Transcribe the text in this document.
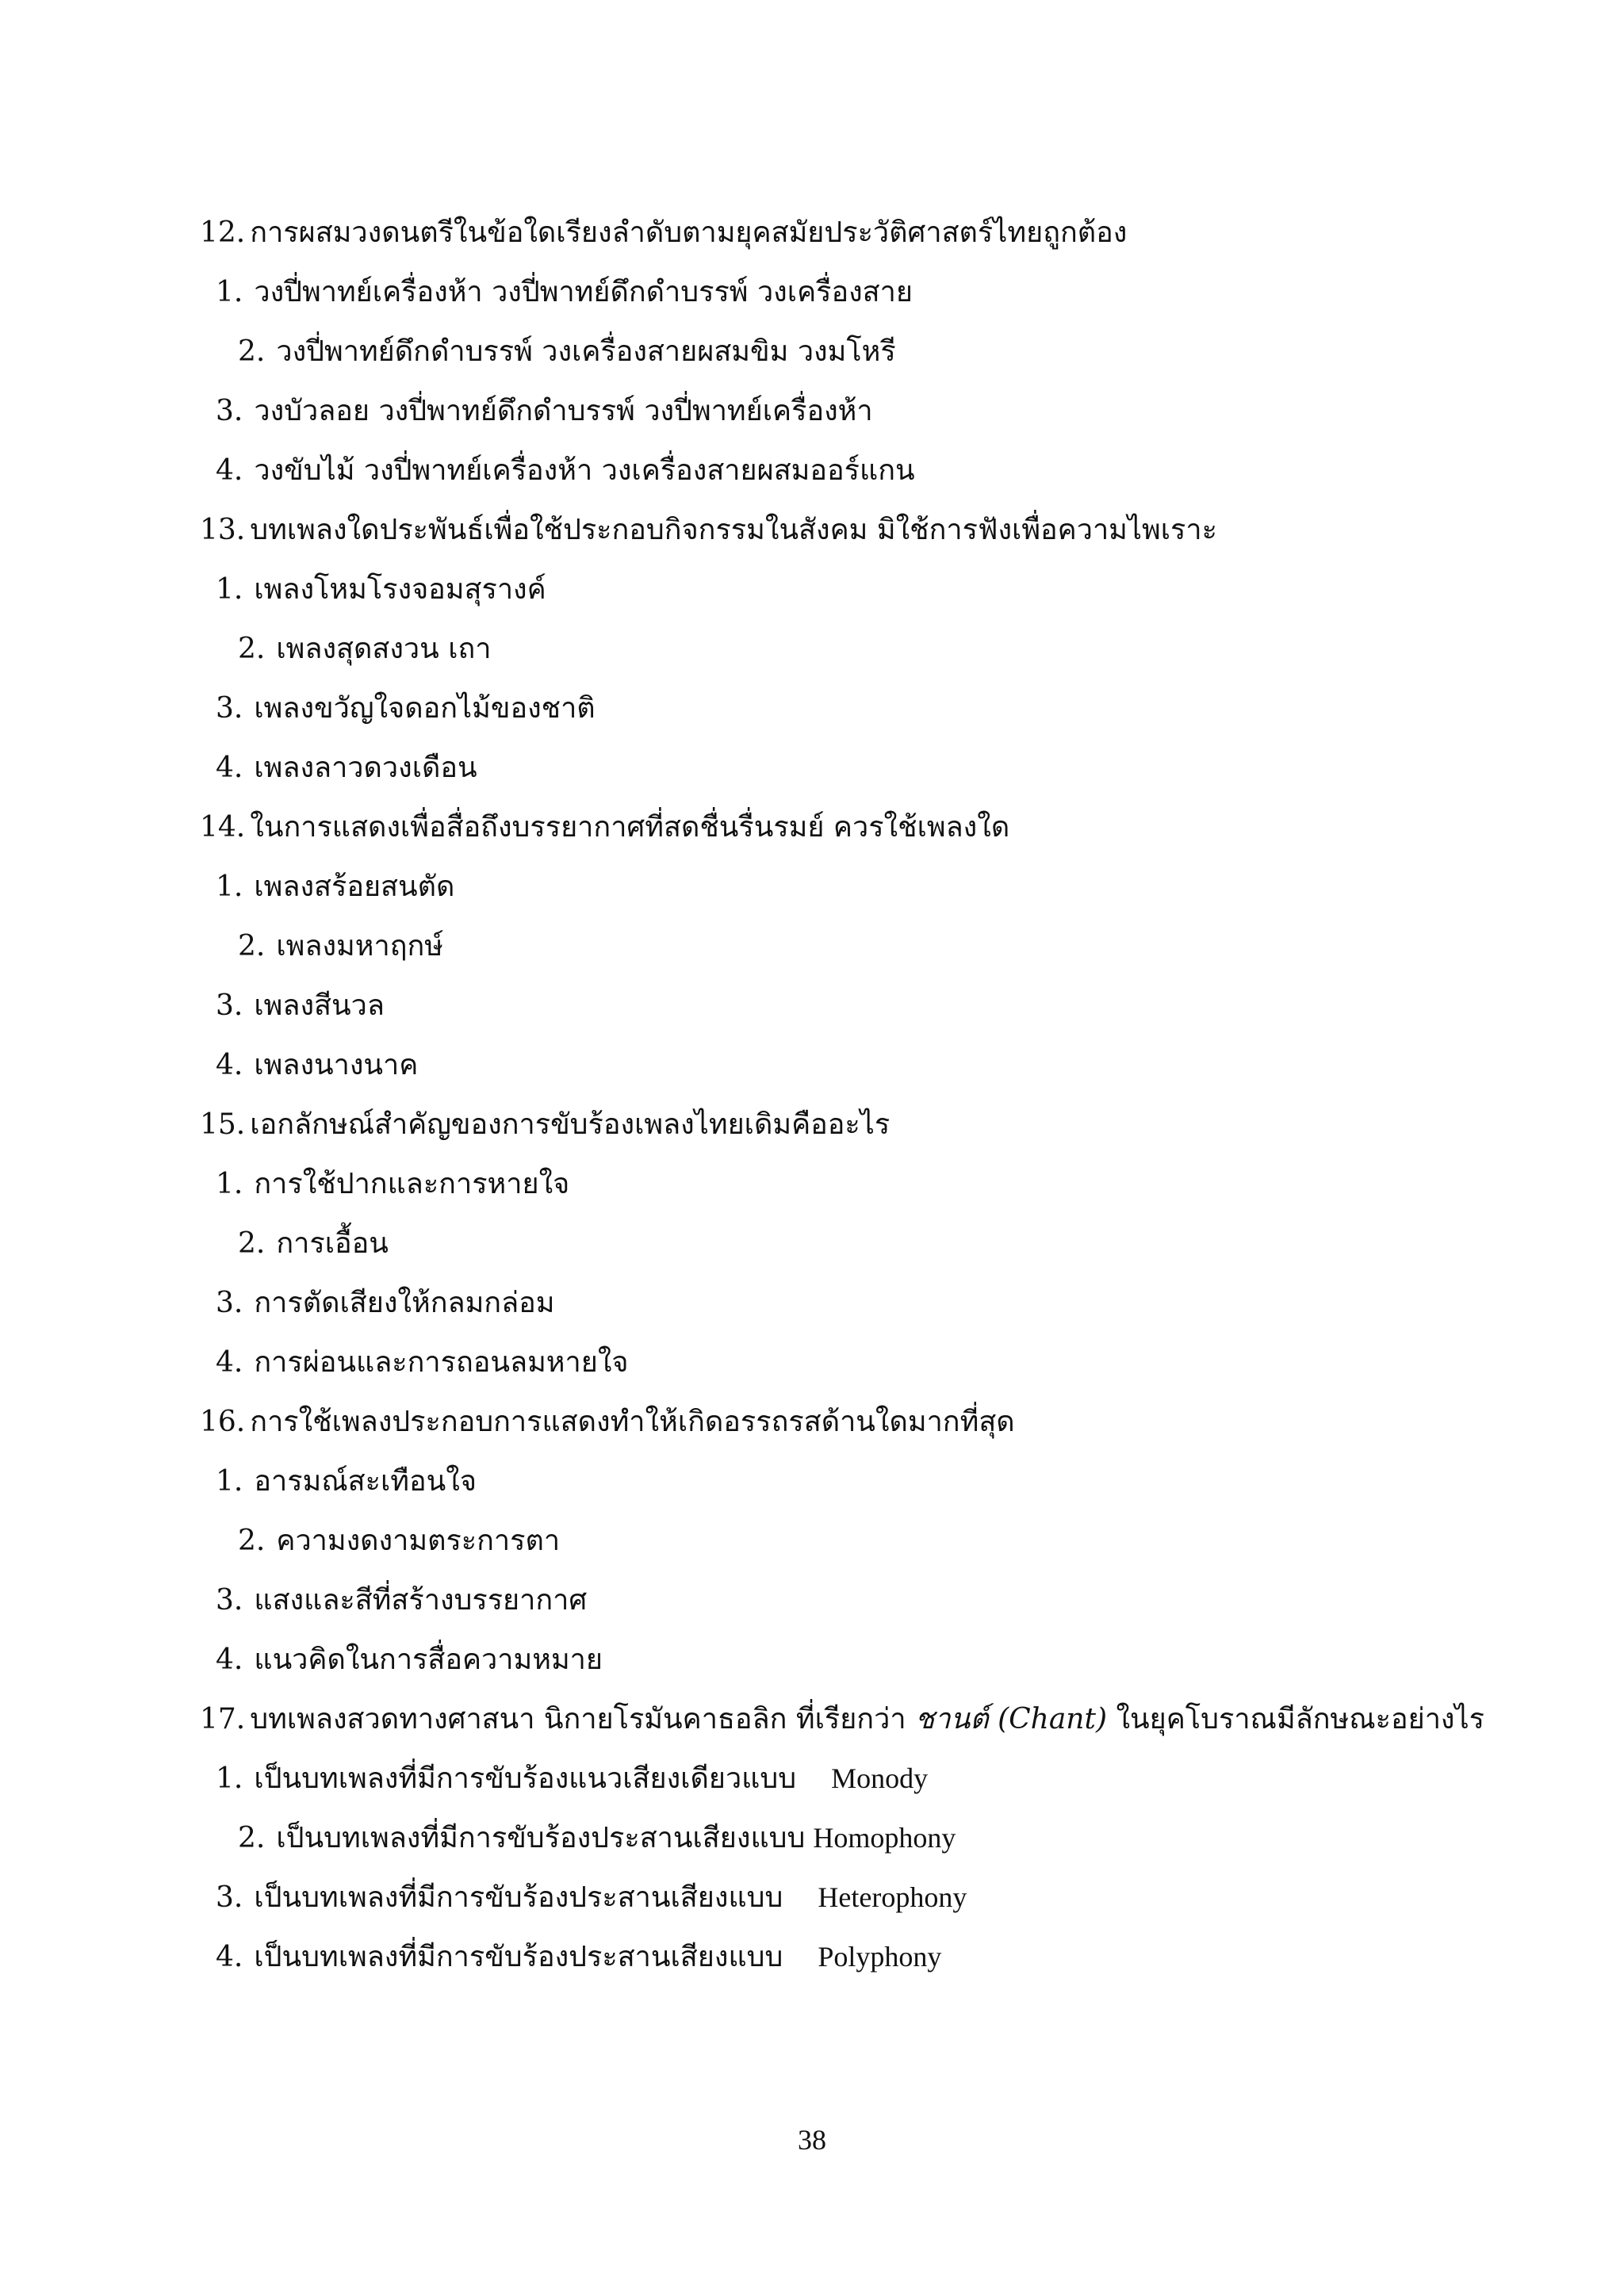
12. การผสมวงดนตรีในข้อใดเรียงลำดับตามยุคสมัยประวัติศาสตร์ไทยถูกต้อง
1. วงปี่พาทย์เครื่องห้า วงปี่พาทย์ดึกดำบรรพ์ วงเครื่องสาย
2. วงปี่พาทย์ดึกดำบรรพ์ วงเครื่องสายผสมขิม วงมโหรี
3. วงบัวลอย วงปี่พาทย์ดึกดำบรรพ์ วงปี่พาทย์เครื่องห้า
4. วงขับไม้ วงปี่พาทย์เครื่องห้า วงเครื่องสายผสมออร์แกน
13. บทเพลงใดประพันธ์เพื่อใช้ประกอบกิจกรรมในสังคม มิใช้การฟังเพื่อความไพเราะ
1. เพลงโหมโรงจอมสุรางค์
2. เพลงสุดสงวน เถา
3. เพลงขวัญใจดอกไม้ของชาติ
4. เพลงลาวดวงเดือน
14. ในการแสดงเพื่อสื่อถึงบรรยากาศที่สดชื่นรื่นรมย์ ควรใช้เพลงใด
1. เพลงสร้อยสนตัด
2. เพลงมหาฤกษ์
3. เพลงสีนวล
4. เพลงนางนาค
15. เอกลักษณ์สำคัญของการขับร้องเพลงไทยเดิมคืออะไร
1. การใช้ปากและการหายใจ
2. การเอื้อน
3. การตัดเสียงให้กลมกล่อม
4. การผ่อนและการถอนลมหายใจ
16. การใช้เพลงประกอบการแสดงทำให้เกิดอรรถรสด้านใดมากที่สุด
1. อารมณ์สะเทือนใจ
2. ความงดงามตระการตา
3. แสงและสีที่สร้างบรรยากาศ
4. แนวคิดในการสื่อความหมาย
17. บทเพลงสวดทางศาสนา นิกายโรมันคาธอลิก ที่เรียกว่า ชานต์ (Chant) ในยุคโบราณมีลักษณะอย่างไร
1. เป็นบทเพลงที่มีการขับร้องแนวเสียงเดียวแบบ Monody
2. เป็นบทเพลงที่มีการขับร้องประสานเสียงแบบ Homophony
3. เป็นบทเพลงที่มีการขับร้องประสานเสียงแบบ Heterophony
4. เป็นบทเพลงที่มีการขับร้องประสานเสียงแบบ Polyphony
38
